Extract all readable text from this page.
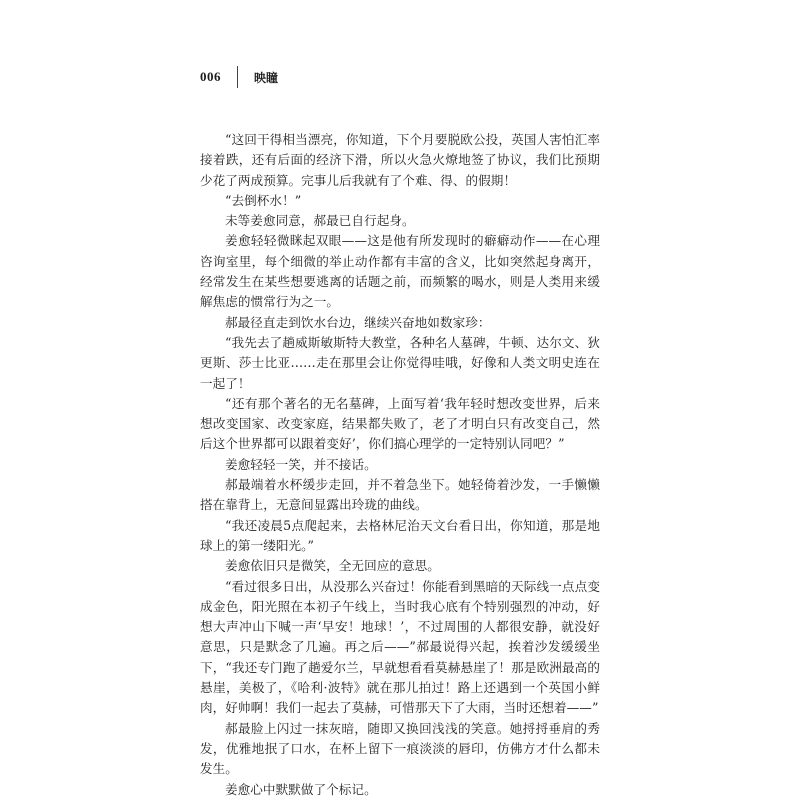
006	映瞳

“这回干得相当漂亮，你知道，下个月要脱欧公投，英国人害怕汇率接着跌，还有后面的经济下滑，所以火急火燎地签了协议，我们比预期少花了两成预算。完事儿后我就有了个难、得、的假期！

“去倒杯水！”

未等姜愈同意，郝最已自行起身。

姜愈轻轻微眯起双眼——这是他有所发现时的癖癖动作——在心理咨询室里，每个细微的举止动作都有丰富的含义，比如突然起身离开，经常发生在某些想要逃离的话题之前，而频繁的喝水，则是人类用来缓解焦虑的惯常行为之一。

郝最径直走到饮水台边，继续兴奋地如数家珍：

“我先去了趟威斯敏斯特大教堂，各种名人墓碑，牛顿、达尔文、狄更斯、莎士比亚……走在那里会让你觉得哇哦，好像和人类文明史连在一起了！

“还有那个著名的无名墓碑，上面写着‘我年轻时想改变世界，后来想改变国家、改变家庭，结果都失败了，老了才明白只有改变自己，然后这个世界都可以跟着变好’，你们搞心理学的一定特别认同吧？”

姜愈轻轻一笑，并不接话。

郝最端着水杯缓步走回，并不着急坐下。她轻倚着沙发，一手懒懒搭在靠背上，无意间显露出玲珑的曲线。

“我还凌晨5点爬起来，去格林尼治天文台看日出，你知道，那是地球上的第一缕阳光。”

姜愈依旧只是微笑，全无回应的意思。

“看过很多日出，从没那么兴奋过！你能看到黑暗的天际线一点点变成金色，阳光照在本初子午线上，当时我心底有个特别强烈的冲动，好想大声冲山下喊一声‘早安！地球！’，不过周围的人都很安静，就没好意思，只是默念了几遍。再之后——”郝最说得兴起，挨着沙发缓缓坐下，“我还专门跑了趟爱尔兰，早就想看看莫赫悬崖了！那是欧洲最高的悬崖，美极了，《哈利·波特》就在那儿拍过！路上还遇到一个英国小鲜肉，好帅啊！我们一起去了莫赫，可惜那天下了大雨，当时还想着——”

郝最脸上闪过一抹灰暗，随即又换回浅浅的笑意。她捋捋垂肩的秀发，优雅地抿了口水，在杯上留下一痕淡淡的唇印，仿佛方才什么都未发生。

姜愈心中默默做了个标记。
